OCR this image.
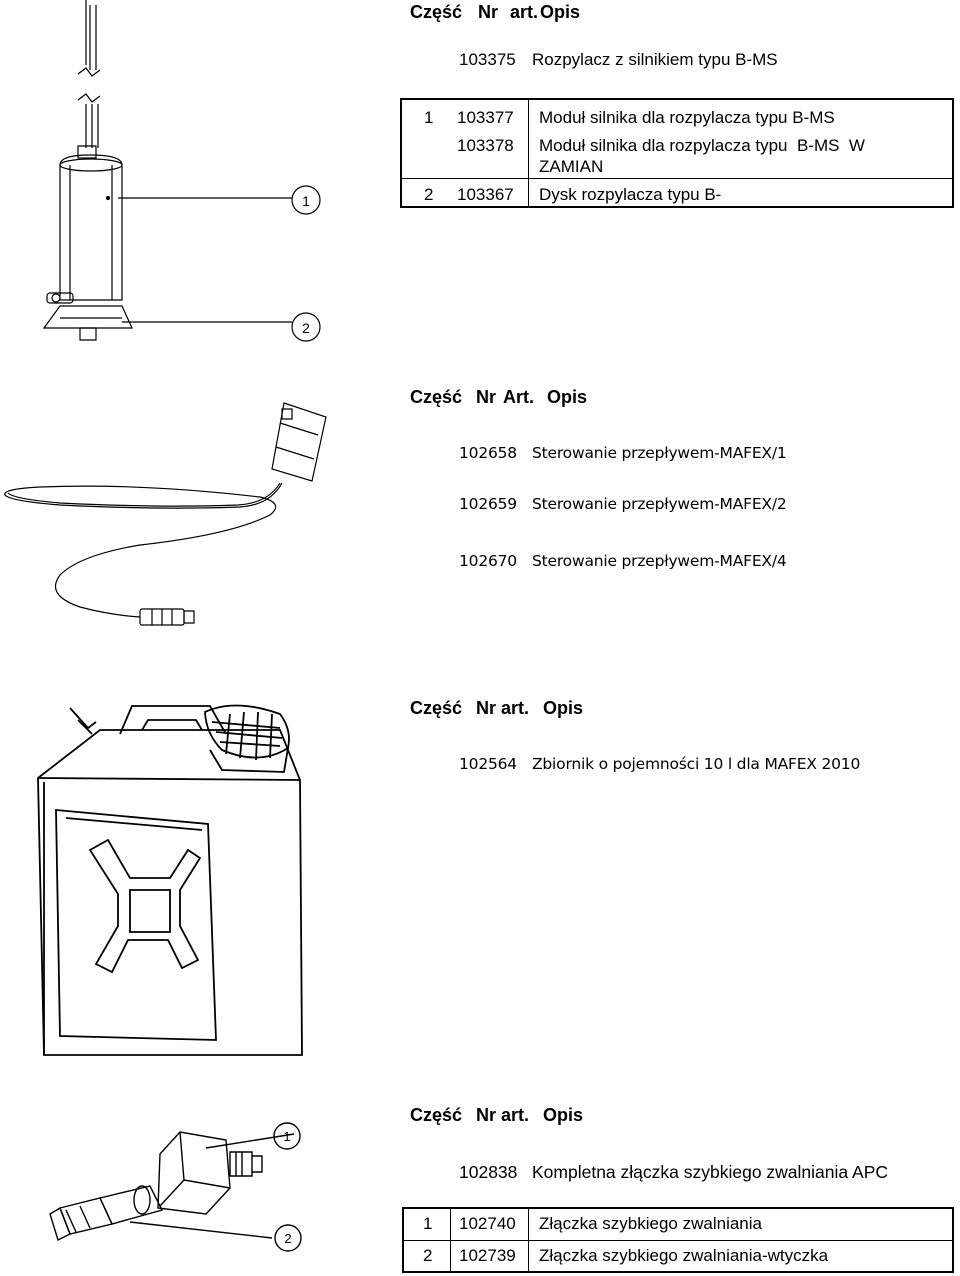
1
2
Część Nr art. Opis
103375 Rozpylacz z silnikiem typu B-MS
1 103377 Moduł silnika dla rozpylacza typu B-MS
103378 Moduł silnika dla rozpylacza typu  B-MS  W
ZAMIAN
2 103367 Dysk rozpylacza typu B-
Część Nr Art. Opis
102658 Sterowanie przepływem-MAFEX/1
102659 Sterowanie przepływem-MAFEX/2
102670 Sterowanie przepływem-MAFEX/4
Część Nr art. Opis
102564 Zbiornik o pojemności 10 l dla MAFEX 2010
1
2
Część Nr art. Opis
102838 Kompletna złączka szybkiego zwalniania APC
1 102740 Złączka szybkiego zwalniania
2 102739 Złączka szybkiego zwalniania-wtyczka
